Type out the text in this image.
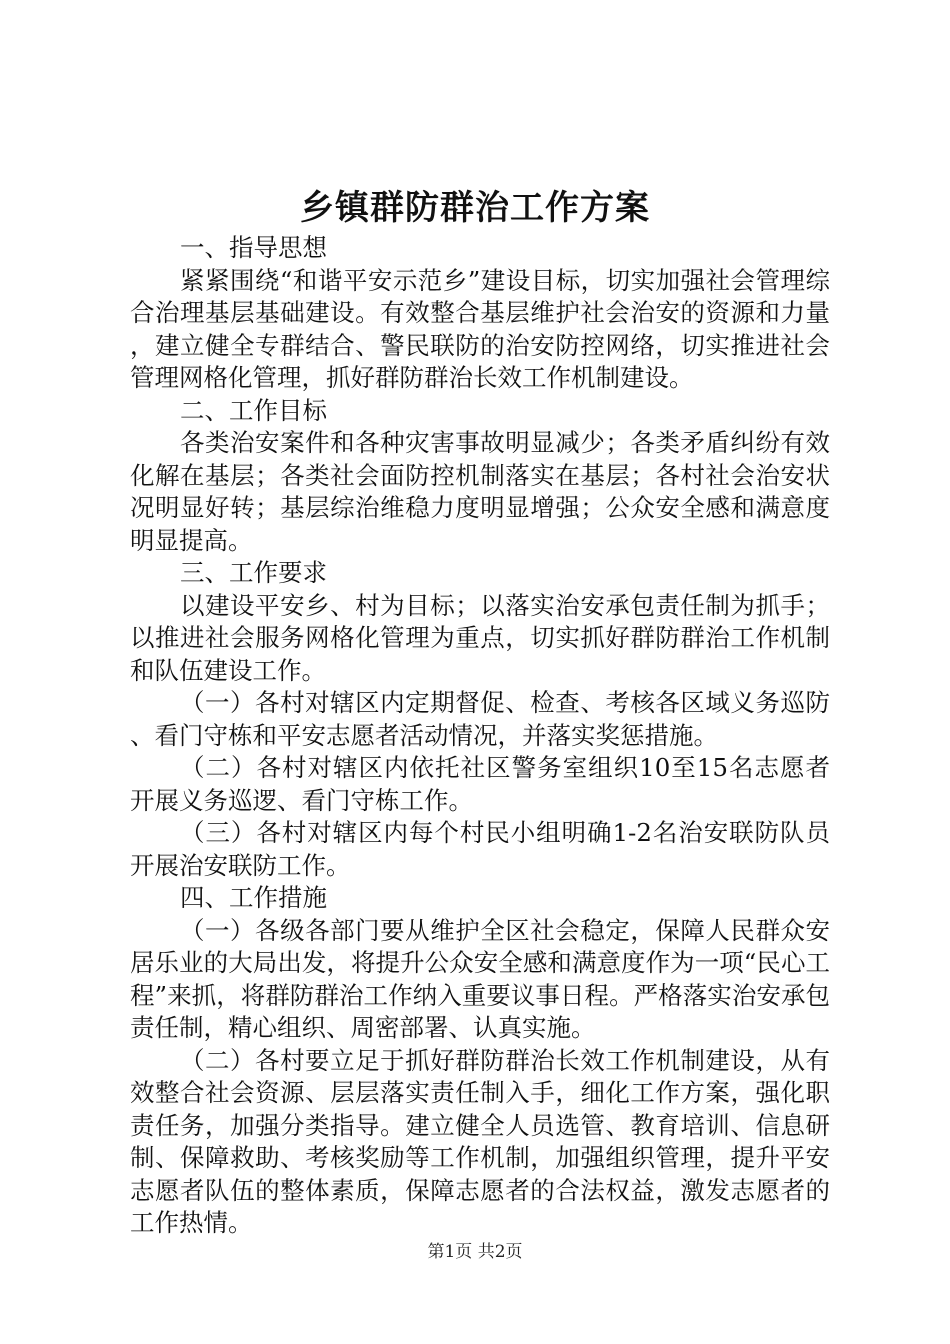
乡镇群防群治工作方案

一、指导思想

紧紧围绕“和谐平安示范乡”建设目标，切实加强社会管理综合治理基层基础建设。有效整合基层维护社会治安的资源和力量，建立健全专群结合、警民联防的治安防控网络，切实推进社会管理网格化管理，抓好群防群治长效工作机制建设。

二、工作目标

各类治安案件和各种灾害事故明显减少；各类矛盾纠纷有效化解在基层；各类社会面防控机制落实在基层；各村社会治安状况明显好转；基层综治维稳力度明显增强；公众安全感和满意度明显提高。

三、工作要求

以建设平安乡、村为目标；以落实治安承包责任制为抓手；以推进社会服务网格化管理为重点，切实抓好群防群治工作机制和队伍建设工作。

（一）各村对辖区内定期督促、检查、考核各区域义务巡防、看门守栋和平安志愿者活动情况，并落实奖惩措施。

（二）各村对辖区内依托社区警务室组织10至15名志愿者开展义务巡逻、看门守栋工作。

（三）各村对辖区内每个村民小组明确1-2名治安联防队员开展治安联防工作。

四、工作措施

（一）各级各部门要从维护全区社会稳定，保障人民群众安居乐业的大局出发，将提升公众安全感和满意度作为一项“民心工程”来抓，将群防群治工作纳入重要议事日程。严格落实治安承包责任制，精心组织、周密部署、认真实施。

（二）各村要立足于抓好群防群治长效工作机制建设，从有效整合社会资源、层层落实责任制入手，细化工作方案，强化职责任务，加强分类指导。建立健全人员选管、教育培训、信息研制、保障救助、考核奖励等工作机制，加强组织管理，提升平安志愿者队伍的整体素质，保障志愿者的合法权益，激发志愿者的工作热情。

第1页 共2页
